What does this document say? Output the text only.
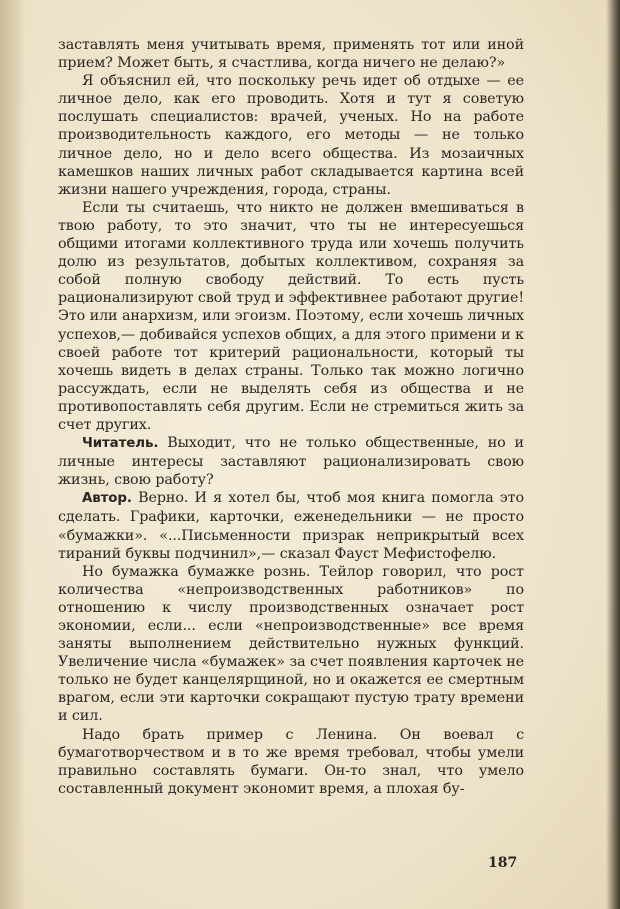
заставлять меня учитывать время, применять тот или иной прием? Может быть, я счастлива, когда ничего не делаю?»

Я объяснил ей, что поскольку речь идет об отдыхе — ее личное дело, как его проводить. Хотя и тут я советую послушать специалистов: врачей, ученых. Но на работе производительность каждого, его методы — не только личное дело, но и дело всего общества. Из мозаичных камешков наших личных работ складывается картина всей жизни нашего учреждения, города, страны.

Если ты считаешь, что никто не должен вмешиваться в твою работу, то это значит, что ты не интересуешься общими итогами коллективного труда или хочешь получить долю из результатов, добытых коллективом, сохраняя за собой полную свободу действий. То есть пусть рационализируют свой труд и эффективнее работают другие! Это или анархизм, или эгоизм. Поэтому, если хочешь личных успехов,— добивайся успехов общих, а для этого примени и к своей работе тот критерий рациональности, который ты хочешь видеть в делах страны. Только так можно логично рассуждать, если не выделять себя из общества и не противопоставлять себя другим. Если не стремиться жить за счет других.

Читатель. Выходит, что не только общественные, но и личные интересы заставляют рационализировать свою жизнь, свою работу?

Автор. Верно. И я хотел бы, чтоб моя книга помогла это сделать. Графики, карточки, еженедельники — не просто «бумажки». «...Письменности призрак неприкрытый всех тираний буквы подчинил»,— сказал Фауст Мефистофелю.

Но бумажка бумажке рознь. Тейлор говорил, что рост количества «непроизводственных работников» по отношению к числу производственных означает рост экономии, если... если «непроизводственные» все время заняты выполнением действительно нужных функций. Увеличение числа «бумажек» за счет появления карточек не только не будет канцелярщиной, но и окажется ее смертным врагом, если эти карточки сокращают пустую трату времени и сил.

Надо брать пример с Ленина. Он воевал с бумаготворчеством и в то же время требовал, чтобы умели правильно составлять бумаги. Он-то знал, что умело составленный документ экономит время, а плохая бу-

187
